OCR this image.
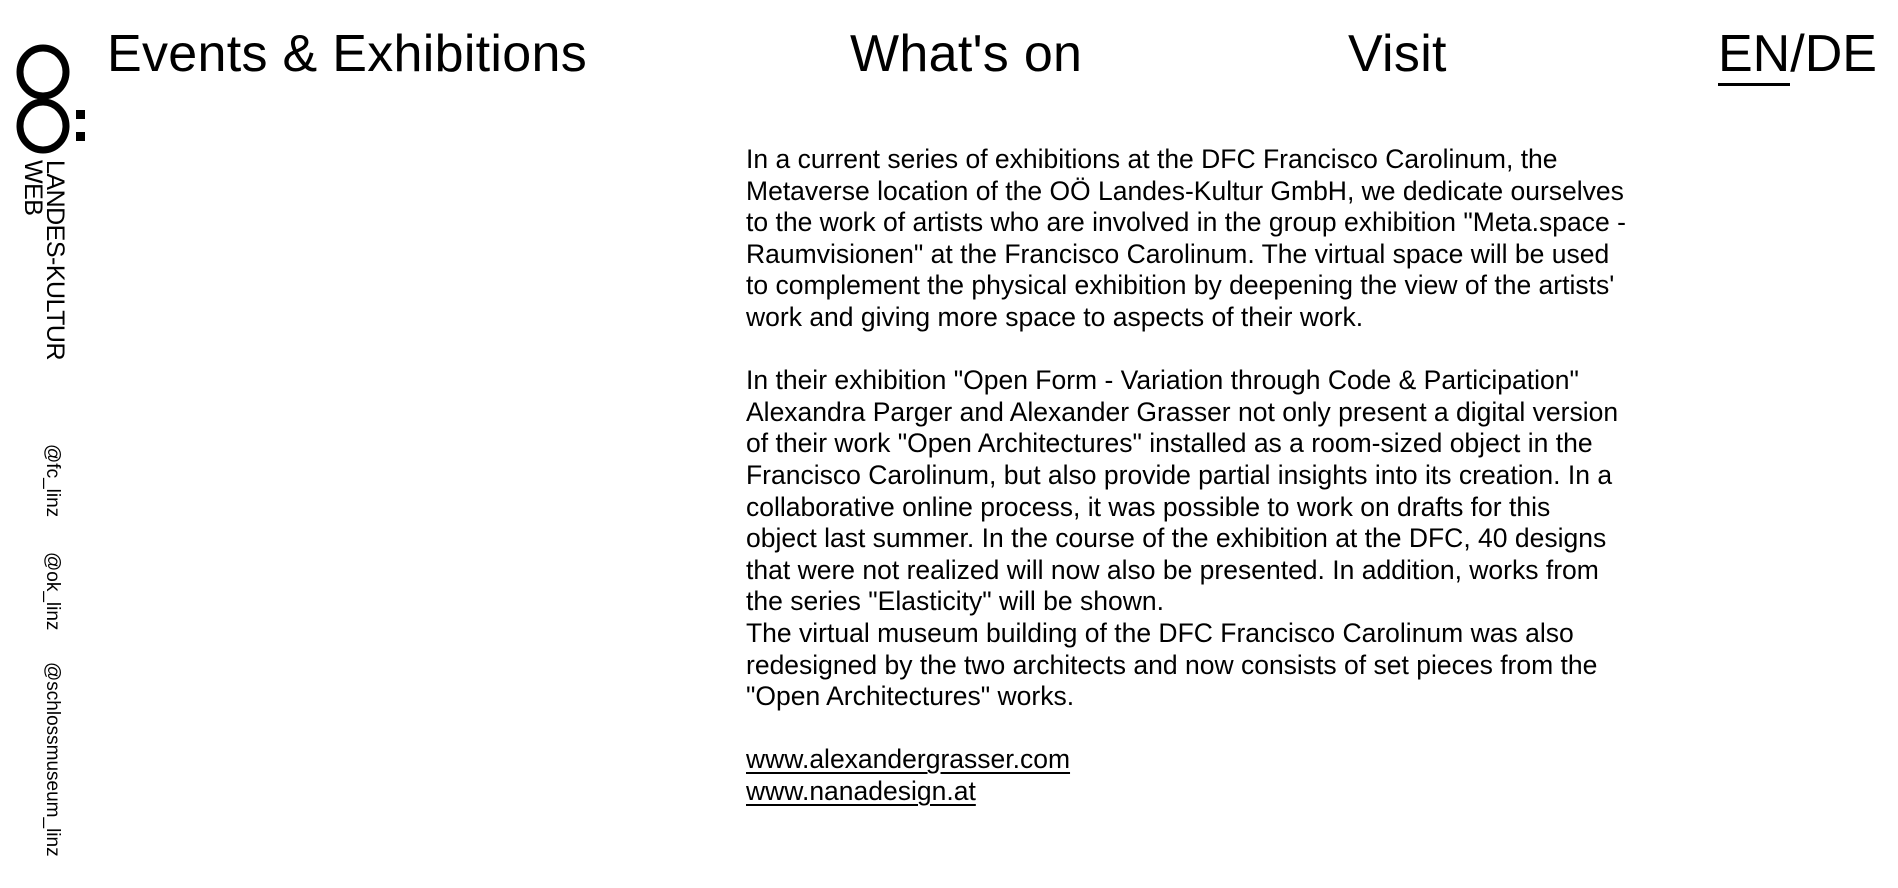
LANDES-KULTUR
WEB
Events & Exhibitions	What's on	Visit	EN/DE
@fc_linz
@ok_linz
@schlossmuseum_linz

In a current series of exhibitions at the DFC Francisco Carolinum, the Metaverse location of the OÖ Landes-Kultur GmbH, we dedicate ourselves to the work of artists who are involved in the group exhibition "Meta.space - Raumvisionen" at the Francisco Carolinum. The virtual space will be used to complement the physical exhibition by deepening the view of the artists' work and giving more space to aspects of their work.

In their exhibition "Open Form - Variation through Code & Participation" Alexandra Parger and Alexander Grasser not only present a digital version of their work "Open Architectures" installed as a room-sized object in the Francisco Carolinum, but also provide partial insights into its creation. In a collaborative online process, it was possible to work on drafts for this object last summer. In the course of the exhibition at the DFC, 40 designs that were not realized will now also be presented. In addition, works from the series "Elasticity" will be shown.

The virtual museum building of the DFC Francisco Carolinum was also redesigned by the two architects and now consists of set pieces from the "Open Architectures" works.

www.alexandergrasser.com
www.nanadesign.at
